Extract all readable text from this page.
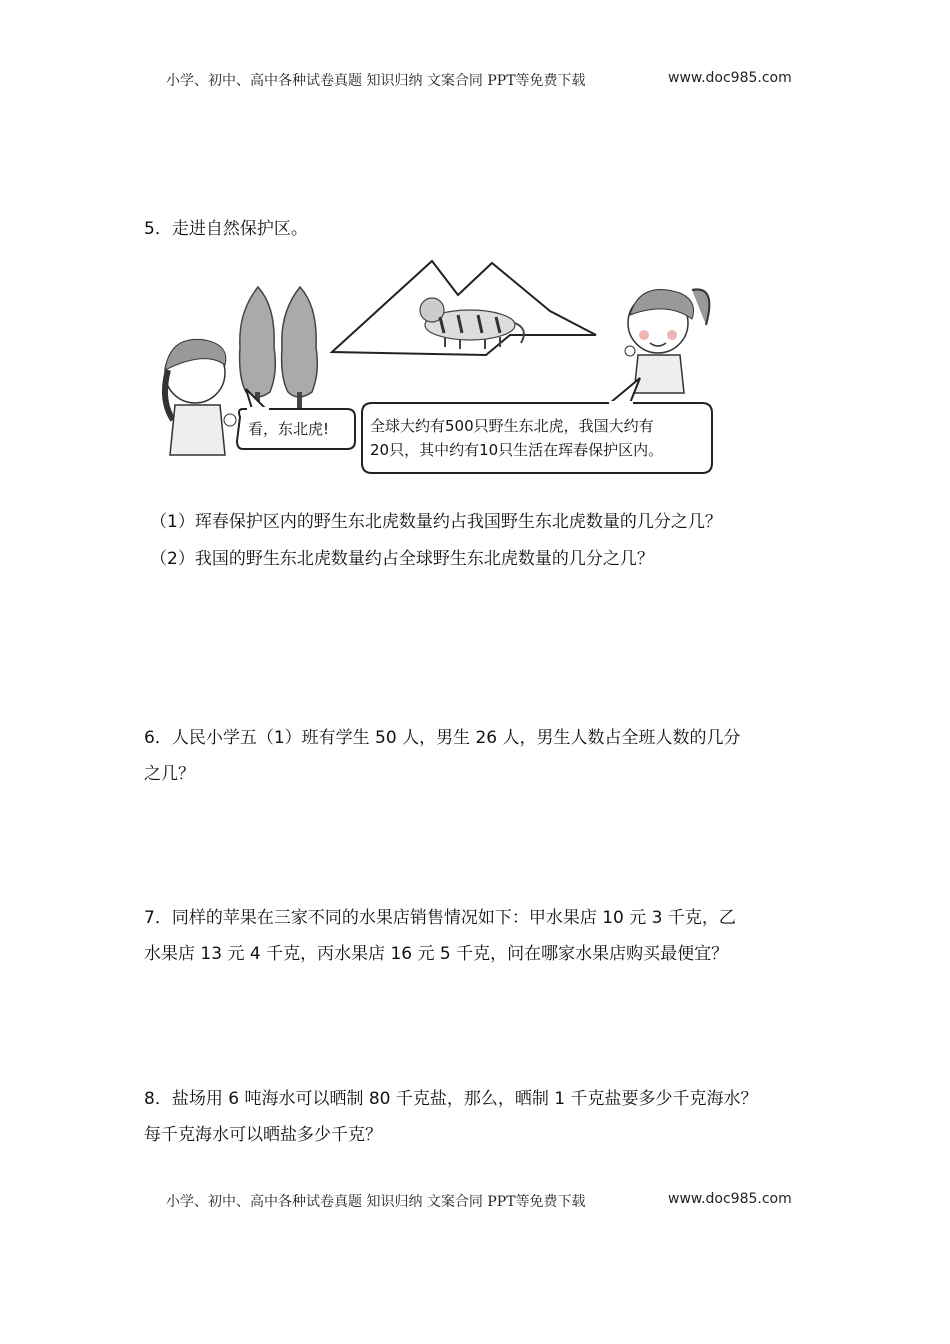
小学、初中、高中各种试卷真题 知识归纳 文案合同 PPT等免费下载	www.doc985.com
5．走进自然保护区。
看，东北虎!	全球大约有500只野生东北虎，我国大约有
20只，其中约有10只生活在珲春保护区内。
（1）珲春保护区内的野生东北虎数量约占我国野生东北虎数量的几分之几？
（2）我国的野生东北虎数量约占全球野生东北虎数量的几分之几？
6．人民小学五（1）班有学生 50 人，男生 26 人，男生人数占全班人数的几分
之几？
7．同样的苹果在三家不同的水果店销售情况如下：甲水果店 10 元 3 千克，乙
水果店 13 元 4 千克，丙水果店 16 元 5 千克，问在哪家水果店购买最便宜？
8．盐场用 6 吨海水可以晒制 80 千克盐，那么，晒制 1 千克盐要多少千克海水？
每千克海水可以晒盐多少千克？
小学、初中、高中各种试卷真题 知识归纳 文案合同 PPT等免费下载	www.doc985.com
